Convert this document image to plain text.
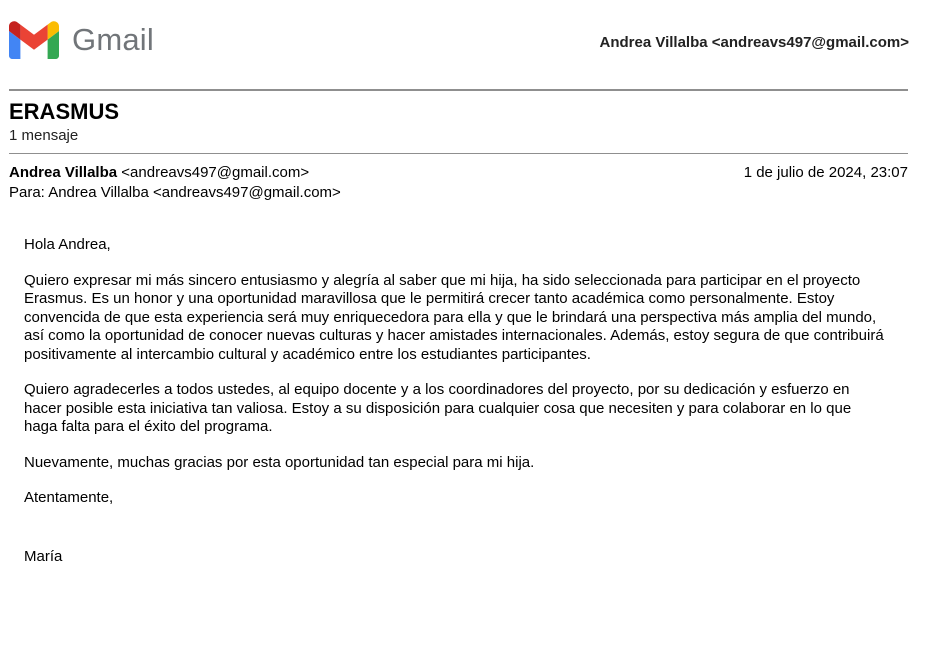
Gmail	Andrea Villalba <andreavs497@gmail.com>
ERASMUS
1 mensaje
Andrea Villalba <andreavs497@gmail.com>	1 de julio de 2024, 23:07
Para: Andrea Villalba <andreavs497@gmail.com>

Hola Andrea,

Quiero expresar mi más sincero entusiasmo y alegría al saber que mi hija, ha sido seleccionada para participar en el proyecto Erasmus. Es un honor y una oportunidad maravillosa que le permitirá crecer tanto académica como personalmente. Estoy convencida de que esta experiencia será muy enriquecedora para ella y que le brindará una perspectiva más amplia del mundo, así como la oportunidad de conocer nuevas culturas y hacer amistades internacionales. Además, estoy segura de que contribuirá positivamente al intercambio cultural y académico entre los estudiantes participantes.

Quiero agradecerles a todos ustedes, al equipo docente y a los coordinadores del proyecto, por su dedicación y esfuerzo en hacer posible esta iniciativa tan valiosa. Estoy a su disposición para cualquier cosa que necesiten y para colaborar en lo que haga falta para el éxito del programa.

Nuevamente, muchas gracias por esta oportunidad tan especial para mi hija.

Atentamente,

María
